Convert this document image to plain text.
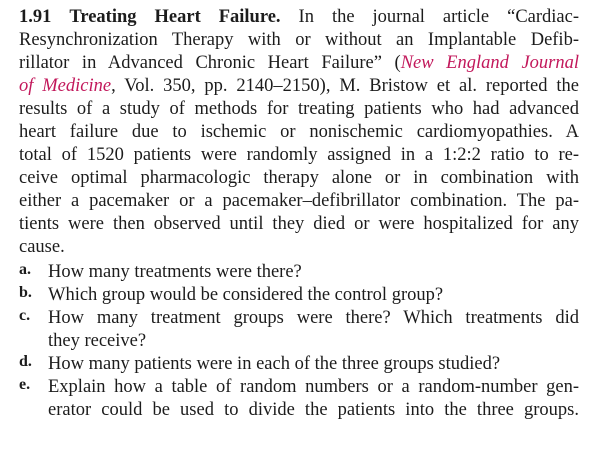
1.91 Treating Heart Failure. In the journal article “Cardiac-
Resynchronization Therapy with or without an Implantable Defib-
rillator in Advanced Chronic Heart Failure” (New England Journal
of Medicine, Vol. 350, pp. 2140–2150), M. Bristow et al. reported the
results of a study of methods for treating patients who had advanced
heart failure due to ischemic or nonischemic cardiomyopathies. A
total of 1520 patients were randomly assigned in a 1:2:2 ratio to re-
ceive optimal pharmacologic therapy alone or in combination with
either a pacemaker or a pacemaker–defibrillator combination. The pa-
tients were then observed until they died or were hospitalized for any
cause.
a. How many treatments were there?
b. Which group would be considered the control group?
c. How many treatment groups were there? Which treatments did
they receive?
d. How many patients were in each of the three groups studied?
e. Explain how a table of random numbers or a random-number gen-
erator could be used to divide the patients into the three groups.
